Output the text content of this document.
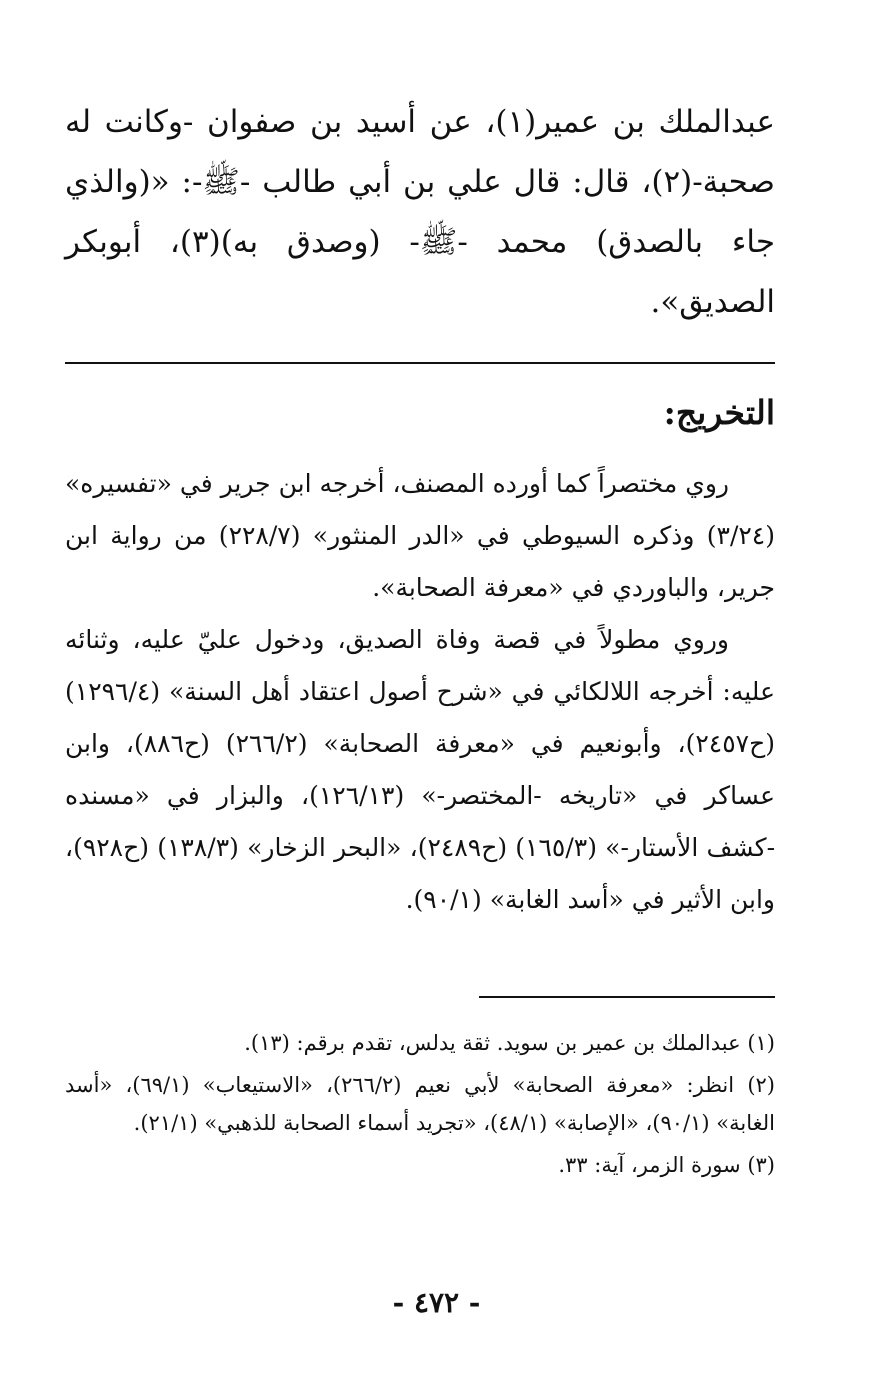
عبدالملك بن عمير(١)، عن أسيد بن صفوان -وكانت له صحبة-(٢)، قال: قال علي بن أبي طالب -ﷺ-: «(والذي جاء بالصدق) محمد -ﷺ- (وصدق به)(٣)، أبوبكر الصديق».

التخريج:

روي مختصراً كما أورده المصنف، أخرجه ابن جرير في «تفسيره» (٣/٢٤) وذكره السيوطي في «الدر المنثور» (٢٢٨/٧) من رواية ابن جرير، والباوردي في «معرفة الصحابة».

وروي مطولاً في قصة وفاة الصديق، ودخول عليّ عليه، وثنائه عليه: أخرجه اللالكائي في «شرح أصول اعتقاد أهل السنة» (١٢٩٦/٤) (ح٢٤٥٧)، وأبونعيم في «معرفة الصحابة» (٢٦٦/٢) (ح٨٨٦)، وابن عساكر في «تاريخه -المختصر-» (١٢٦/١٣)، والبزار في «مسنده -كشف الأستار-» (١٦٥/٣) (ح٢٤٨٩)، «البحر الزخار» (١٣٨/٣) (ح٩٢٨)، وابن الأثير في «أسد الغابة» (٩٠/١).

(١) عبدالملك بن عمير بن سويد. ثقة يدلس، تقدم برقم: (١٣).

(٢) انظر: «معرفة الصحابة» لأبي نعيم (٢٦٦/٢)، «الاستيعاب» (٦٩/١)، «أسد الغابة» (٩٠/١)، «الإصابة» (٤٨/١)، «تجريد أسماء الصحابة للذهبي» (٢١/١).

(٣) سورة الزمر، آية: ٣٣.

- ٤٧٢ -
